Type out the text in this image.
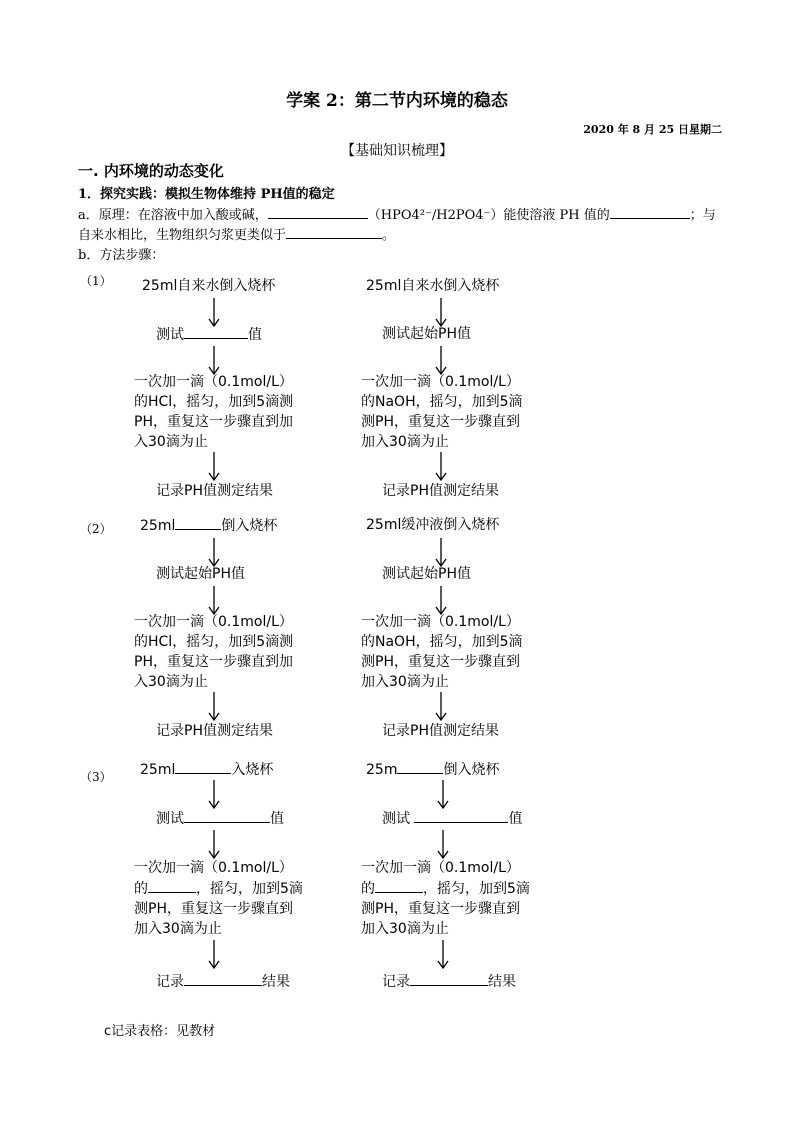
学案 2：第二节内环境的稳态
2020 年 8 月 25 日星期二
【基础知识梳理】
一. 内环境的动态变化
1．探究实践：模拟生物体维持 PH值的稳定
a．原理：在溶液中加入酸或碱，	（HPO4²⁻/H2PO4⁻）能使溶液 PH 值的	；与
自来水相比，生物组织匀浆更类似于	。
b．方法步骤：
（1） 25ml自来水倒入烧杯
测试	值
一次加一滴（0.1mol/L）的HCl，摇匀，加到5滴测PH，重复这一步骤直到加入30滴为止
记录PH值测定结果
25ml自来水倒入烧杯
测试起始PH值
一次加一滴（0.1mol/L）的NaOH，摇匀，加到5滴测PH，重复这一步骤直到加入30滴为止
记录PH值测定结果
（2） 25ml	倒入烧杯
测试起始PH值
一次加一滴（0.1mol/L）的HCl，摇匀，加到5滴测PH，重复这一步骤直到加入30滴为止
记录PH值测定结果
25ml缓冲液倒入烧杯
测试起始PH值
一次加一滴（0.1mol/L）的NaOH，摇匀，加到5滴测PH，重复这一步骤直到加入30滴为止
记录PH值测定结果
（3） 25ml	入烧杯
测试	值
一次加一滴（0.1mol/L）的	，摇匀，加到5滴测PH，重复这一步骤直到加入30滴为止
记录	结果
25m	倒入烧杯
测试	值
一次加一滴（0.1mol/L）的	，摇匀，加到5滴测PH，重复这一步骤直到加入30滴为止
记录	结果
c记录表格：见教材
